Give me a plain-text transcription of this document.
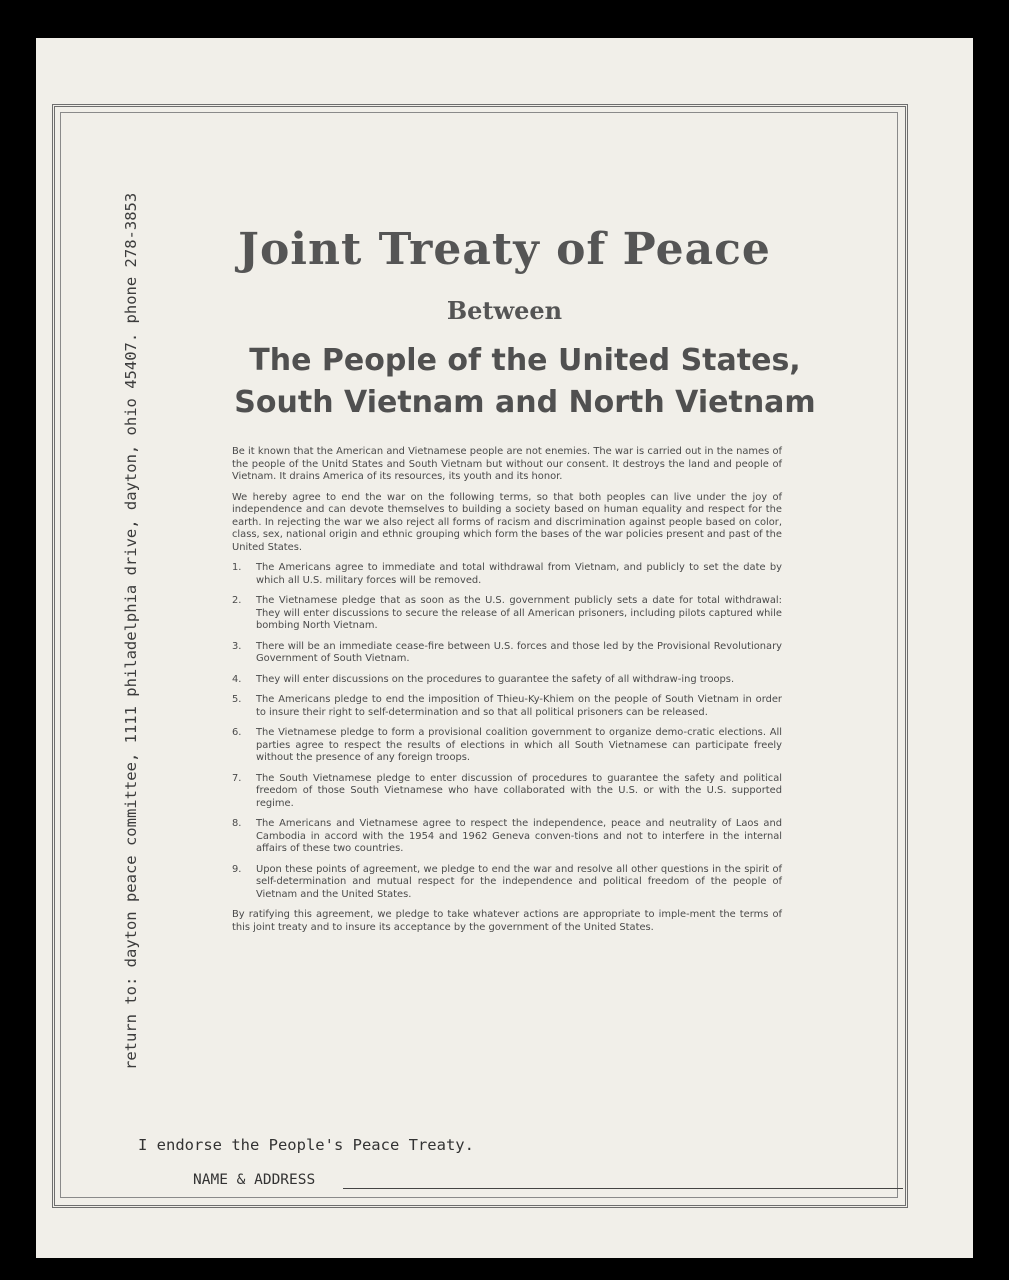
return to: dayton peace committee, 1111 philadelphia drive, dayton, ohio 45407. phone 278-3853	Joint Treaty of Peace
Between
The People of the United States,
South Vietnam and North Vietnam

Be it known that the American and Vietnamese people are not enemies. The war is carried out in the names of the people of the Unitd States and South Vietnam but without our consent. It destroys the land and people of Vietnam. It drains America of its resources, its youth and its honor.

We hereby agree to end the war on the following terms, so that both peoples can live under the joy of independence and can devote themselves to building a society based on human equality and respect for the earth. In rejecting the war we also reject all forms of racism and discrimination against people based on color, class, sex, national origin and ethnic grouping which form the bases of the war policies present and past of the United States.

1.	The Americans agree to immediate and total withdrawal from Vietnam, and publicly to set the date by which all U.S. military forces will be removed.
2.	The Vietnamese pledge that as soon as the U.S. government publicly sets a date for total withdrawal: They will enter discussions to secure the release of all American prisoners, including pilots captured while bombing North Vietnam.
3.	There will be an immediate cease-fire between U.S. forces and those led by the Provisional Revolutionary Government of South Vietnam.
4.	They will enter discussions on the procedures to guarantee the safety of all withdraw-ing troops.
5.	The Americans pledge to end the imposition of Thieu-Ky-Khiem on the people of South Vietnam in order to insure their right to self-determination and so that all political prisoners can be released.
6.	The Vietnamese pledge to form a provisional coalition government to organize demo-cratic elections. All parties agree to respect the results of elections in which all South Vietnamese can participate freely without the presence of any foreign troops.
7.	The South Vietnamese pledge to enter discussion of procedures to guarantee the safety and political freedom of those South Vietnamese who have collaborated with the U.S. or with the U.S. supported regime.
8.	The Americans and Vietnamese agree to respect the independence, peace and neutrality of Laos and Cambodia in accord with the 1954 and 1962 Geneva conven-tions and not to interfere in the internal affairs of these two countries.
9.	Upon these points of agreement, we pledge to end the war and resolve all other questions in the spirit of self-determination and mutual respect for the independence and political freedom of the people of Vietnam and the United States.

By ratifying this agreement, we pledge to take whatever actions are appropriate to imple-ment the terms of this joint treaty and to insure its acceptance by the government of the United States.

I endorse the People's Peace Treaty.

NAME & ADDRESS
